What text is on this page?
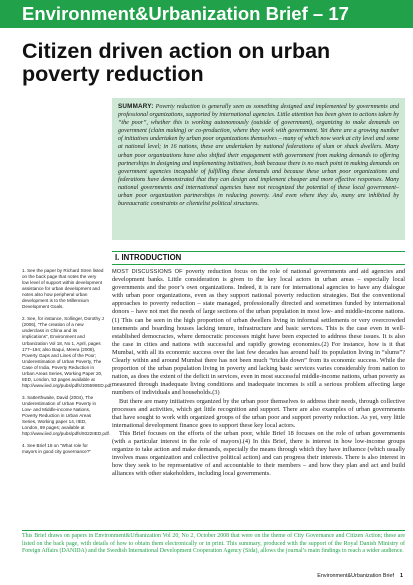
Environment&Urbanization Brief – 17
Citizen driven action on urban poverty reduction
SUMMARY: Poverty reduction is generally seen as something designed and implemented by governments and professional organizations, supported by international agencies. Little attention has been given to actions taken by “the poor”, whether this is working autonomously (outside of government), organizing to make demands on government (claim making) or co-production, where they work with government. Yet there are a growing number of initiatives undertaken by urban poor organizations themselves – many of which now work at city level and some at national level; in 16 nations, these are undertaken by national federations of slum or shack dwellers. Many urban poor organizations have also shifted their engagement with government from making demands to offering partnerships in designing and implementing initiatives, both because there is no much point in making demands on government agencies incapable of fulfilling these demands and because these urban poor organizations and federations have demonstrated that they can design and implement cheaper and more effective responses. Many national governments and international agencies have not recognized the potential of these local government–urban poor organization partnerships in reducing poverty. And even where they do, many are inhibited by bureaucratic constraints or clientelist political structures.
I. INTRODUCTION

1. See the paper by Richard Stren listed on the back page that notes the very low level of support within development assistance for urban development and notes also how peripheral urban development is to the Millennium Development Goals.

2. See, for instance, Sollinger, Dorothy J (2006), “The creation of a new underclass in China and its implications”, Environment and Urbanization Vol 18, No 1, April, pages 177–194; also Baqui, Meera (2008), Poverty Gaps and Lines of the Poor; Underestimation of Urban Poverty, The Case of India, Poverty Reduction in Urban Areas Series, Working Paper 20, IIED, London, 53 pages available at http://www.iied.org/pubs/pdfs/10559IIED.pdf.

3. Satterthwaite, David (2004), The Underestimation of Urban Poverty in Low- and Middle-income Nations, Poverty Reduction in Urban Areas Series, Working paper 14, IIED, London, 69 pages; available at http://www.iied.org/pubs/pdfs/9322IIED.pdf.

4. See Brief 18 on “What role for mayors in good city governance?”

MOST DISCUSSIONS OF poverty reduction focus on the role of national governments and aid agencies and development banks. Little consideration is given to the key local actors in urban areas – especially local governments and the poor’s own organizations. Indeed, it is rare for international agencies to have any dialogue with urban poor organizations, even as they support national poverty reduction strategies. But the conventional approaches to poverty reduction – state managed, professionally directed and sometimes funded by international donors – have not met the needs of large sections of the urban population in most low- and middle-income nations.(1) This can be seen in the high proportion of urban dwellers living in informal settlements or very overcrowded tenements and boarding houses lacking tenure, infrastructure and basic services. This is the case even in well-established democracies, where democratic processes might have been expected to address these issues. It is also the case in cities and nations with successful and rapidly growing economies.(2) For instance, how is it that Mumbai, with all its economic success over the last few decades has around half its population living in “slums”? Clearly within and around Mumbai there has not been much “trickle down” from its economic success. While the proportion of the urban population living in poverty and lacking basic services varies considerably from nation to nation, as does the extent of the deficit in services, even in most successful middle-income nations, urban poverty as measured through inadequate living conditions and inadequate incomes is still a serious problem affecting large numbers of individuals and households.(3)

But there are many initiatives organized by the urban poor themselves to address their needs, through collective processes and activities, which get little recognition and support. There are also examples of urban governments that have sought to work with organized groups of the urban poor and support poverty reduction. As yet, very little international development finance goes to support these key local actors.

This Brief focuses on the efforts of the urban poor, while Brief 18 focuses on the role of urban governments (with a particular interest in the role of mayors).(4) In this Brief, there is interest in how low-income groups organize to take action and make demands, especially the means through which they have influence (which usually involves mass organization and collective political action) and can progress their interests. There is also interest in how they seek to be representative of and accountable to their members – and how they plan and act and build alliances with other stakeholders, including local governments.

This Brief draws on papers in Environment&Urbanization Vol 20, No 2, October 2008 that were on the theme of City Governance and Citizen Action; these are listed on the back page, with details of how to obtain them electronically or in print. This summary, produced with the support of the Royal Danish Ministry of Foreign Affairs (DANIDA) and the Swedish International Development Cooperation Agency (Sida), allows the journal’s main findings to reach a wider audience.
Environment&Urbanization Brief 1
